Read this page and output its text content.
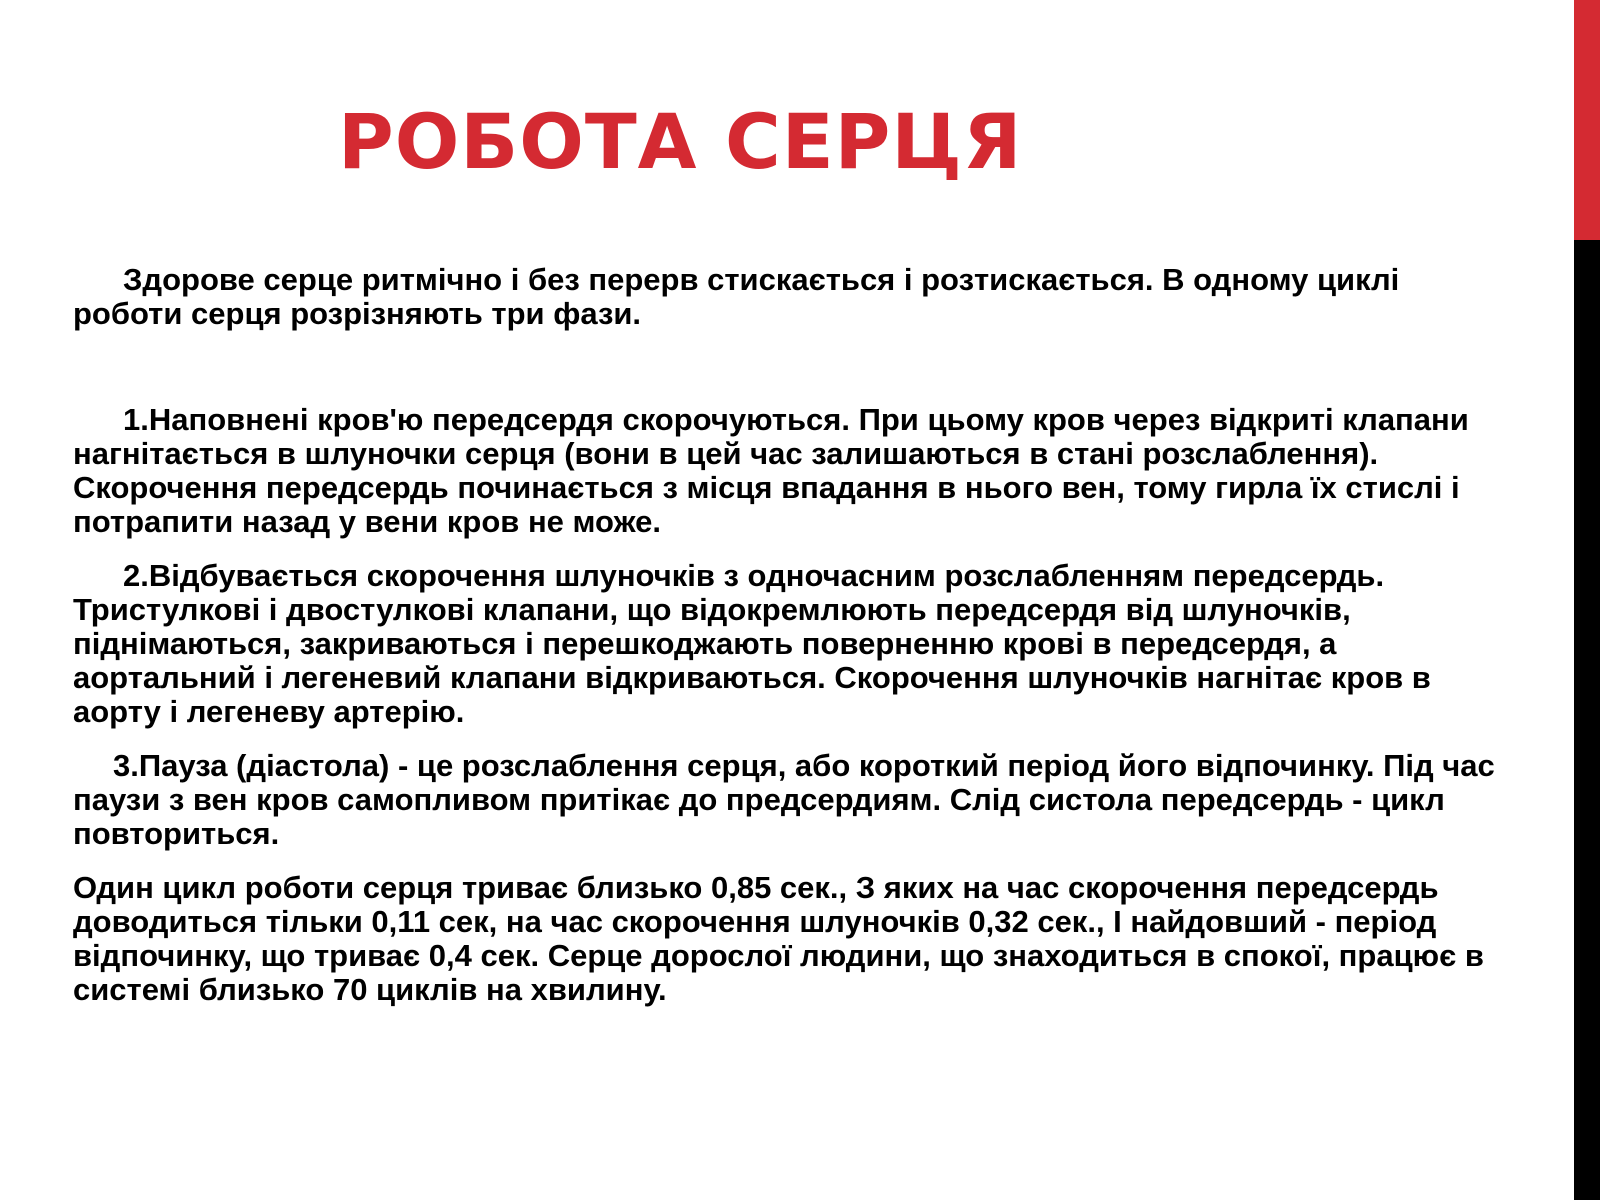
РОБОТА СЕРЦЯ

Здорове серце ритмічно і без перерв стискається і розтискається. В одному циклі роботи серця розрізняють три фази.

1.Наповнені кров'ю передсердя скорочуються. При цьому кров через відкриті клапани нагнітається в шлуночки серця (вони в цей час залишаються в стані розслаблення). Скорочення передсердь починається з місця впадання в нього вен, тому гирла їх стислі і потрапити назад у вени кров не може.

2.Відбувається скорочення шлуночків з одночасним розслабленням передсердь. Тристулкові і двостулкові клапани, що відокремлюють передсердя від шлуночків, піднімаються, закриваються і перешкоджають поверненню крові в передсердя, а аортальний і легеневий клапани відкриваються. Скорочення шлуночків нагнітає кров в аорту і легеневу артерію.

3.Пауза (діастола) - це розслаблення серця, або короткий період його відпочинку. Під час паузи з вен кров самопливом притікає до предсердиям. Слід систола передсердь - цикл повториться.

Один цикл роботи серця триває близько 0,85 сек., З яких на час скорочення передсердь доводиться тільки 0,11 сек, на час скорочення шлуночків 0,32 сек., І найдовший - період відпочинку, що триває 0,4 сек. Серце дорослої людини, що знаходиться в спокої, працює в системі близько 70 циклів на хвилину.
